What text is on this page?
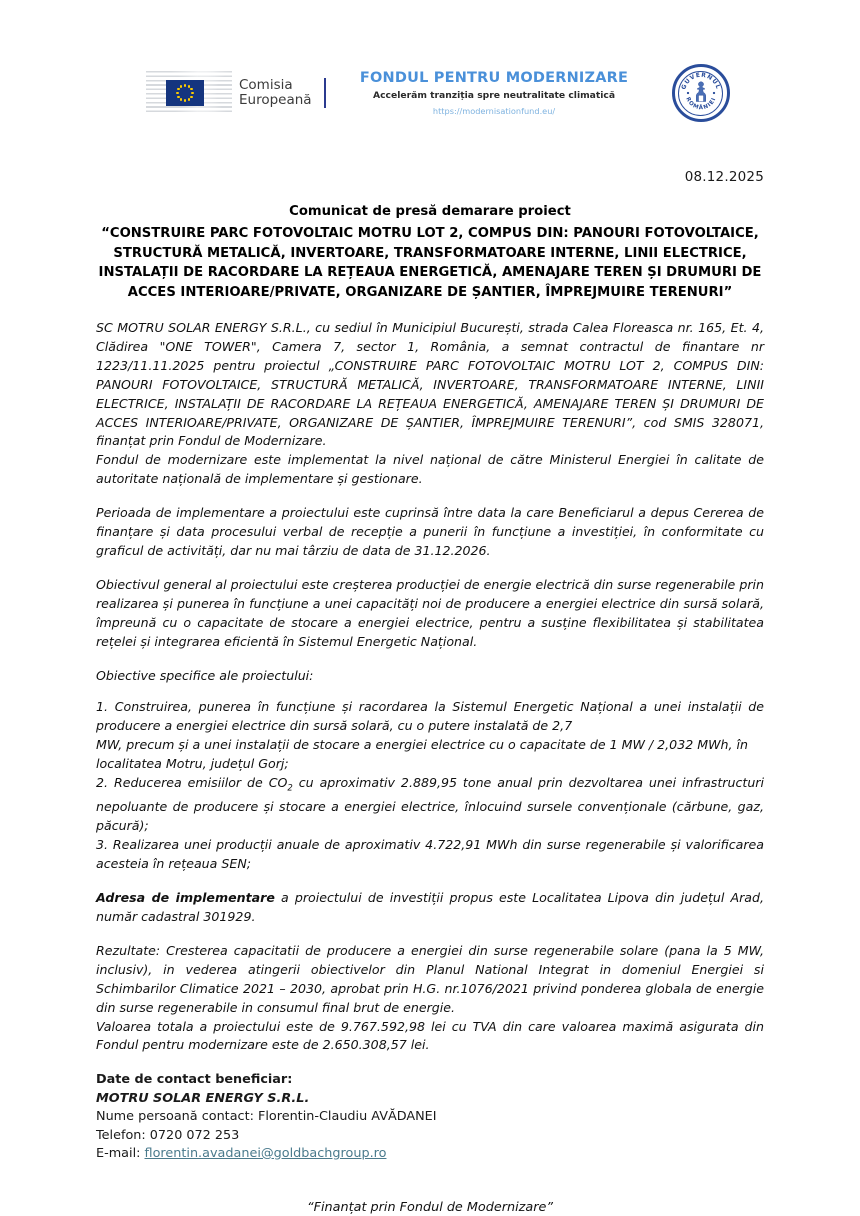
Comisia
Europeană
FONDUL PENTRU MODERNIZARE
Accelerăm tranziția spre neutralitate climatică
https://modernisationfund.eu/
GUVERNUL
ROMÂNIEI
08.12.2025
Comunicat de presă demarare proiect
“CONSTRUIRE PARC FOTOVOLTAIC MOTRU LOT 2, COMPUS DIN: PANOURI FOTOVOLTAICE, STRUCTURĂ METALICĂ, INVERTOARE, TRANSFORMATOARE INTERNE, LINII ELECTRICE, INSTALAȚII DE RACORDARE LA REȚEAUA ENERGETICĂ, AMENAJARE TEREN ȘI DRUMURI DE ACCES INTERIOARE/PRIVATE, ORGANIZARE DE ȘANTIER, ÎMPREJMUIRE TERENURI”

SC MOTRU SOLAR ENERGY S.R.L., cu sediul în Municipiul București, strada Calea Floreasca nr. 165, Et. 4, Clădirea "ONE TOWER", Camera 7, sector 1, România, a semnat contractul de finantare nr 1223/11.11.2025 pentru proiectul „CONSTRUIRE PARC FOTOVOLTAIC MOTRU LOT 2, COMPUS DIN: PANOURI FOTOVOLTAICE, STRUCTURĂ METALICĂ, INVERTOARE, TRANSFORMATOARE INTERNE, LINII ELECTRICE, INSTALAȚII DE RACORDARE LA REȚEAUA ENERGETICĂ, AMENAJARE TEREN ȘI DRUMURI DE ACCES INTERIOARE/PRIVATE, ORGANIZARE DE ȘANTIER, ÎMPREJMUIRE TERENURI”, cod SMIS 328071, finanțat prin Fondul de Modernizare.

Fondul de modernizare este implementat la nivel național de către Ministerul Energiei în calitate de autoritate națională de implementare și gestionare.

Perioada de implementare a proiectului este cuprinsă între data la care Beneficiarul a depus Cererea de finanțare și data procesului verbal de recepție a punerii în funcțiune a investiției, în conformitate cu graficul de activități, dar nu mai târziu de data de 31.12.2026.

Obiectivul general al proiectului este creșterea producției de energie electrică din surse regenerabile prin realizarea și punerea în funcțiune a unei capacități noi de producere a energiei electrice din sursă solară, împreună cu o capacitate de stocare a energiei electrice, pentru a susține flexibilitatea și stabilitatea rețelei și integrarea eficientă în Sistemul Energetic Național.

Obiective specifice ale proiectului:

1. Construirea, punerea în funcțiune și racordarea la Sistemul Energetic Național a unei instalații de producere a energiei electrice din sursă solară, cu o putere instalată de 2,7

MW, precum și a unei instalații de stocare a energiei electrice cu o capacitate de 1 MW / 2,032 MWh, în localitatea Motru, județul Gorj;

2. Reducerea emisiilor de $CO_2$ cu aproximativ 2.889,95 tone anual prin dezvoltarea unei infrastructuri nepoluante de producere și stocare a energiei electrice, înlocuind sursele convenționale (cărbune, gaz, păcură);

3. Realizarea unei producții anuale de aproximativ 4.722,91 MWh din surse regenerabile și valorificarea acesteia în rețeaua SEN;

Adresa de implementare a proiectului de investiții propus este Localitatea Lipova din județul Arad, număr cadastral 301929.

Rezultate: Cresterea capacitatii de producere a energiei din surse regenerabile solare (pana la 5 MW, inclusiv), in vederea atingerii obiectivelor din Planul National Integrat in domeniul Energiei si Schimbarilor Climatice 2021 – 2030, aprobat prin H.G. nr.1076/2021 privind ponderea globala de energie din surse regenerabile in consumul final brut de energie.

Valoarea totala a proiectului este de 9.767.592,98 lei cu TVA din care valoarea maximă asigurata din Fondul pentru modernizare este de 2.650.308,57 lei.

Date de contact beneficiar:
MOTRU SOLAR ENERGY S.R.L.
Nume persoană contact: Florentin-Claudiu AVĂDANEI
Telefon: 0720 072 253
E-mail: florentin.avadanei@goldbachgroup.ro
“Finanțat prin Fondul de Modernizare”
